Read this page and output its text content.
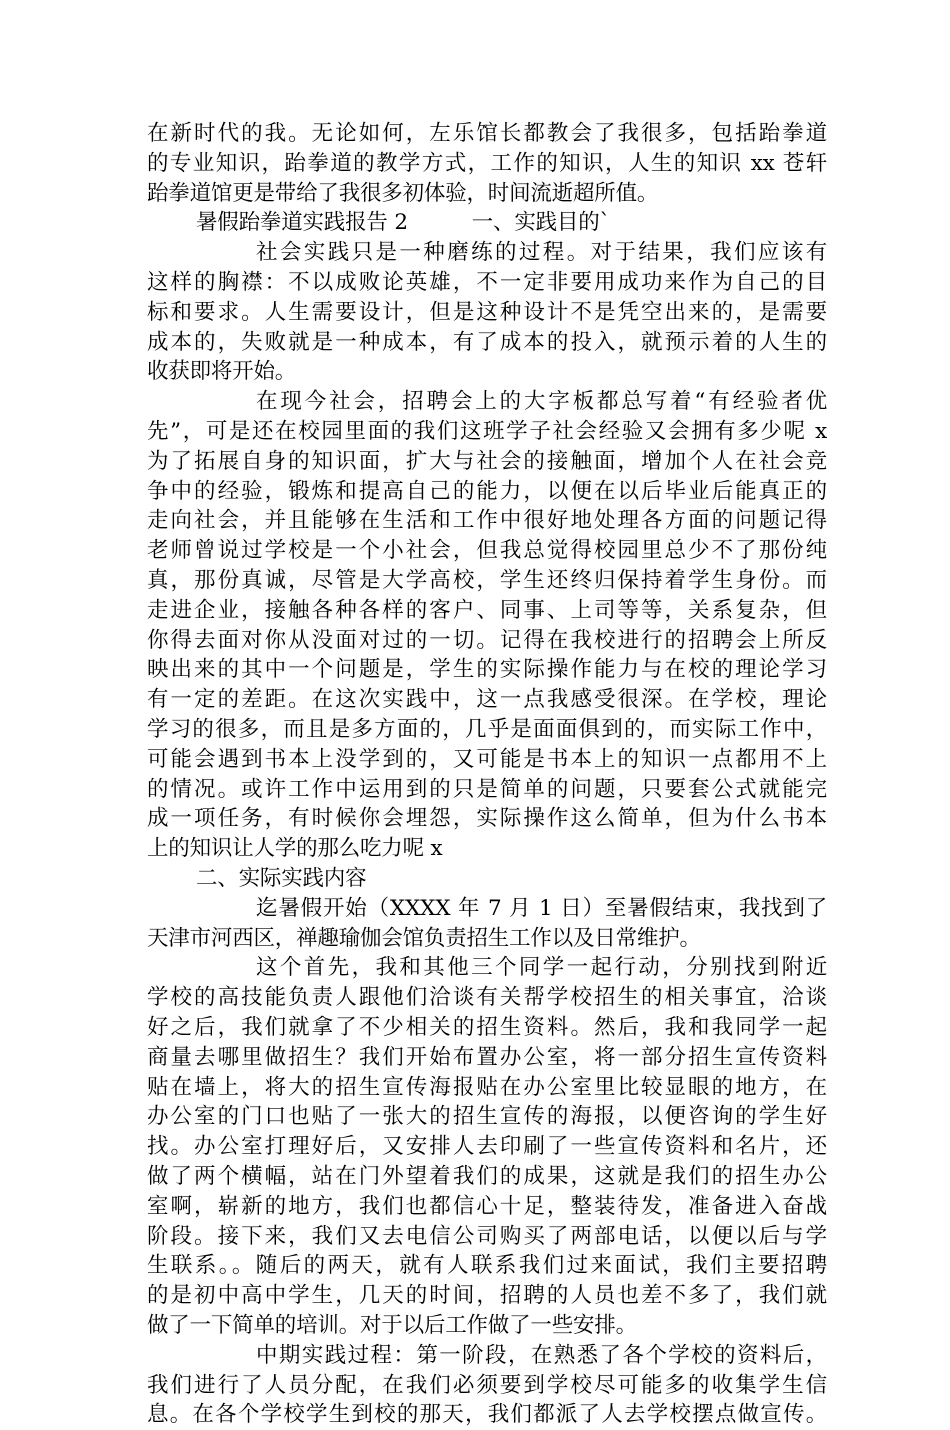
在新时代的我。无论如何，左乐馆长都教会了我很多，包括跆拳道
的专业知识，跆拳道的教学方式，工作的知识，人生的知识 xx 苍轩
跆拳道馆更是带给了我很多初体验，时间流逝超所值。
暑假跆拳道实践报告 2　　　一、实践目的`
社会实践只是一种磨练的过程。对于结果，我们应该有
这样的胸襟：不以成败论英雄，不一定非要用成功来作为自己的目
标和要求。人生需要设计，但是这种设计不是凭空出来的，是需要
成本的，失败就是一种成本，有了成本的投入，就预示着的人生的
收获即将开始。
在现今社会，招聘会上的大字板都总写着“有经验者优
先”，可是还在校园里面的我们这班学子社会经验又会拥有多少呢 x
为了拓展自身的知识面，扩大与社会的接触面，增加个人在社会竞
争中的经验，锻炼和提高自己的能力，以便在以后毕业后能真正的
走向社会，并且能够在生活和工作中很好地处理各方面的问题记得
老师曾说过学校是一个小社会，但我总觉得校园里总少不了那份纯
真，那份真诚，尽管是大学高校，学生还终归保持着学生身份。而
走进企业，接触各种各样的客户、同事、上司等等，关系复杂，但
你得去面对你从没面对过的一切。记得在我校进行的招聘会上所反
映出来的其中一个问题是，学生的实际操作能力与在校的理论学习
有一定的差距。在这次实践中，这一点我感受很深。在学校，理论
学习的很多，而且是多方面的，几乎是面面俱到的，而实际工作中，
可能会遇到书本上没学到的，又可能是书本上的知识一点都用不上
的情况。或许工作中运用到的只是简单的问题，只要套公式就能完
成一项任务，有时候你会埋怨，实际操作这么简单，但为什么书本
上的知识让人学的那么吃力呢 x
二、实际实践内容
迄暑假开始（XXXX 年 7 月 1 日）至暑假结束，我找到了
天津市河西区，禅趣瑜伽会馆负责招生工作以及日常维护。
这个首先，我和其他三个同学一起行动，分别找到附近
学校的高技能负责人跟他们洽谈有关帮学校招生的相关事宜，洽谈
好之后，我们就拿了不少相关的招生资料。然后，我和我同学一起
商量去哪里做招生？我们开始布置办公室，将一部分招生宣传资料
贴在墙上，将大的招生宣传海报贴在办公室里比较显眼的地方，在
办公室的门口也贴了一张大的招生宣传的海报，以便咨询的学生好
找。办公室打理好后，又安排人去印刷了一些宣传资料和名片，还
做了两个横幅，站在门外望着我们的成果，这就是我们的招生办公
室啊，崭新的地方，我们也都信心十足，整装待发，准备进入奋战
阶段。接下来，我们又去电信公司购买了两部电话，以便以后与学
生联系。。随后的两天，就有人联系我们过来面试，我们主要招聘
的是初中高中学生，几天的时间，招聘的人员也差不多了，我们就
做了一下简单的培训。对于以后工作做了一些安排。
中期实践过程：第一阶段，在熟悉了各个学校的资料后，
我们进行了人员分配，在我们必须要到学校尽可能多的收集学生信
息。在各个学校学生到校的那天，我们都派了人去学校摆点做宣传。
